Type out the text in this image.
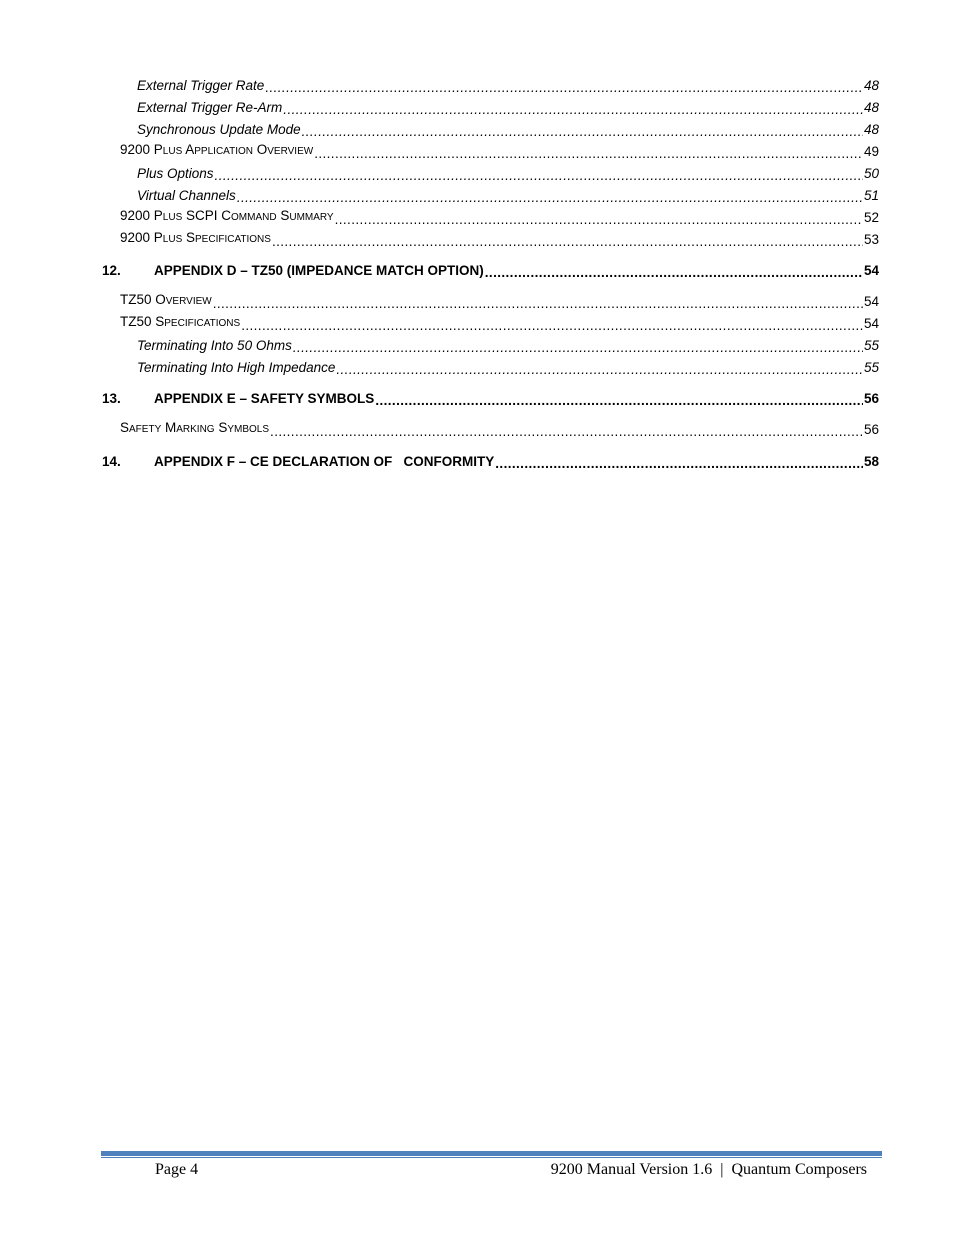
External Trigger Rate .....	48
External Trigger Re-Arm .....	48
Synchronous Update Mode .....	48
9200 PLUS APPLICATION OVERVIEW .....	49
Plus Options .....	50
Virtual Channels .....	51
9200 PLUS SCPI COMMAND SUMMARY .....	52
9200 PLUS SPECIFICATIONS .....	53
12. APPENDIX D – TZ50 (IMPEDANCE MATCH OPTION) .....	54
TZ50 OVERVIEW .....	54
TZ50 SPECIFICATIONS .....	54
Terminating Into 50 Ohms .....	55
Terminating Into High Impedance .....	55
13. APPENDIX E – SAFETY SYMBOLS .....	56
SAFETY MARKING SYMBOLS .....	56
14. APPENDIX F – CE DECLARATION OF   CONFORMITY .....	58
Page 4	9200 Manual Version 1.6  |  Quantum Composers
